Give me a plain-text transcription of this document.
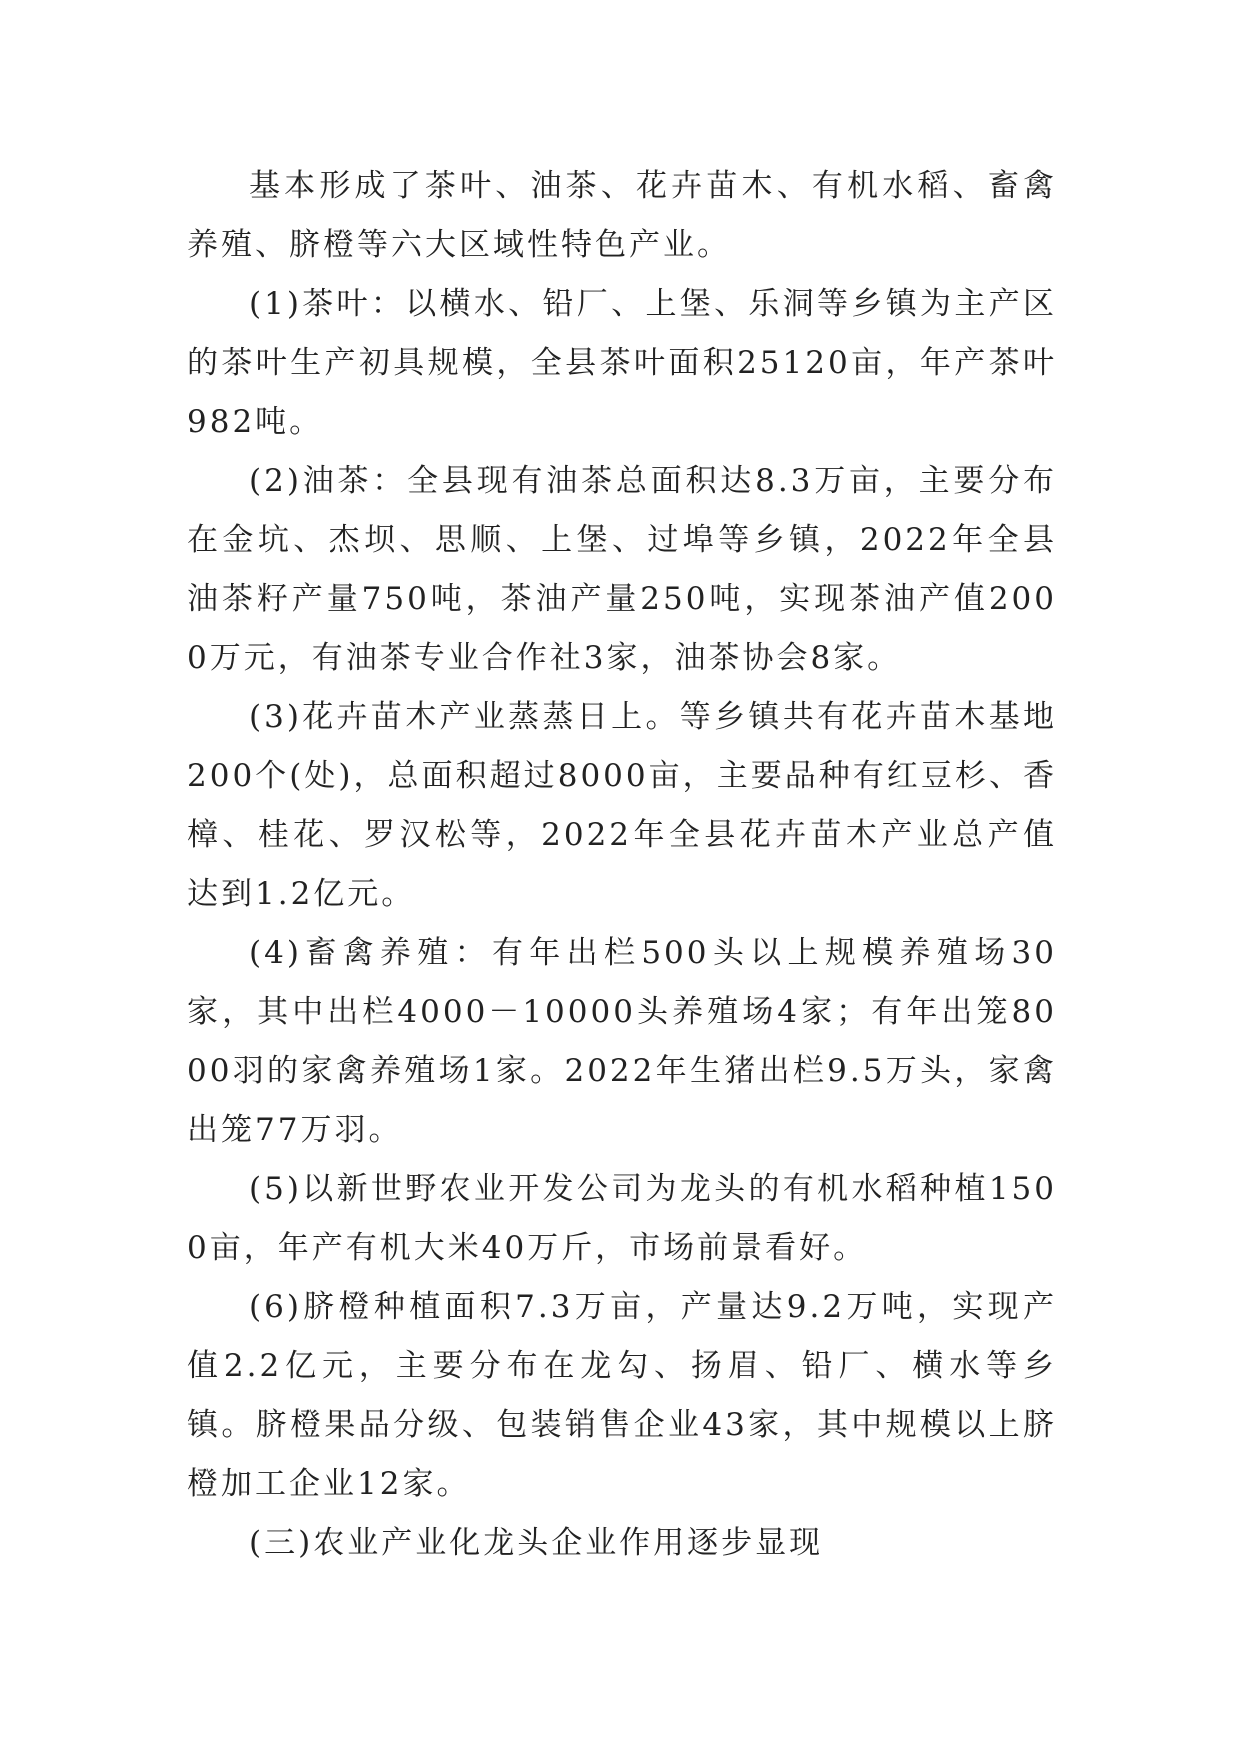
基本形成了茶叶、油茶、花卉苗木、有机水稻、畜禽养殖、脐橙等六大区域性特色产业。

(1)茶叶：以横水、铅厂、上堡、乐洞等乡镇为主产区的茶叶生产初具规模，全县茶叶面积25120亩，年产茶叶982吨。

(2)油茶：全县现有油茶总面积达8.3万亩，主要分布在金坑、杰坝、思顺、上堡、过埠等乡镇，2022年全县油茶籽产量750吨，茶油产量250吨，实现茶油产值2000万元，有油茶专业合作社3家，油茶协会8家。

(3)花卉苗木产业蒸蒸日上。等乡镇共有花卉苗木基地200个(处)，总面积超过8000亩，主要品种有红豆杉、香樟、桂花、罗汉松等，2022年全县花卉苗木产业总产值达到1.2亿元。

(4)畜禽养殖：有年出栏500头以上规模养殖场30家，其中出栏4000－10000头养殖场4家；有年出笼8000羽的家禽养殖场1家。2022年生猪出栏9.5万头，家禽出笼77万羽。

(5)以新世野农业开发公司为龙头的有机水稻种植1500亩，年产有机大米40万斤，市场前景看好。

(6)脐橙种植面积7.3万亩，产量达9.2万吨，实现产值2.2亿元，主要分布在龙勾、扬眉、铅厂、横水等乡镇。脐橙果品分级、包装销售企业43家，其中规模以上脐橙加工企业12家。

(三)农业产业化龙头企业作用逐步显现
